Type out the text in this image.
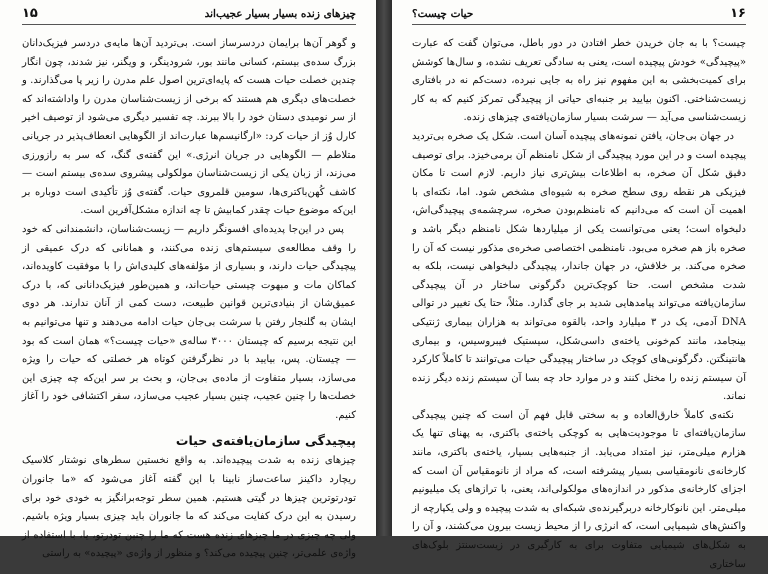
چیزهای زنده بسیار بسیار عجیب‌اند
۱۵

و گوهر آن‌ها برایمان دردسرساز است. بی‌تردید آن‌ها مایه‌ی دردسر فیزیک‌دانان بزرگ سده‌ی بیستم، کسانی مانند بور، شرودینگر، و ویگنر، نیز شدند، چون انگار چندین خصلت حیات هست که پایه‌ای‌ترین اصول علم مدرن را زیر پا می‌گذارند. و خصلت‌های دیگری هم هستند که برخی از زیست‌شناسان مدرن را واداشته‌اند که از سر نومیدی دستان خود را بالا ببرند. چه تفسیر دیگری می‌شود از توصیف اخیر کارل وُز از حیات کرد: «ارگانیسم‌ها عبارت‌اند از الگوهایی انعطاف‌پذیر در جریانی متلاطم — الگوهایی در جریان انرژی.» این گفته‌ی گنگ، که سر به رازورزی می‌زند، از زبان یکی از زیست‌شناسان مولکولی پیشروی سده‌ی بیستم است — کاشف کُهن‌باکتری‌ها، سومین قلمروی حیات. گفته‌ی وُز تأکیدی است دوباره بر این‌که موضوع حیات چقدر کمابیش تا چه اندازه مشکل‌آفرین است.

پس در این‌جا پدیده‌ای افسونگر داریم — زیست‌شناسان، دانشمندانی که خود را وقف مطالعه‌ی سیستم‌های زنده می‌کنند، و همانانی که درک عمیقی از پیچیدگی حیات دارند، و بسیاری از مؤلفه‌های کلیدی‌اش را با موفقیت کاویده‌اند، کماکان مات و مبهوت چیستی حیات‌اند، و همین‌طور فیزیک‌دانانی که، با درک عمیق‌شان از بنیادی‌ترین قوانین طبیعت، دست کمی از آنان ندارند. هر دوی ایشان به گلنجار رفتن با سرشت بی‌جان حیات ادامه می‌دهند و تنها می‌توانیم به این نتیجه برسیم که چیستان ۳۰۰۰ ساله‌ی «حیات چیست؟» همان است که بود — چیستان. پس، بیایید با در نظرگرفتن کوتاه هر خصلتی که حیات را ویژه می‌سازد، بسیار متفاوت از ماده‌ی بی‌جان، و بحث بر سر این‌که چه چیزی این خصلت‌ها را چنین عجیب، چنین بسیار عجیب می‌سازد، سفر اکتشافی خود را آغاز کنیم.

پیچیدگی سازمان‌یافته‌ی حیات

چیزهای زنده به شدت پیچیده‌اند. به واقع نخستین سطرهای نوشتار کلاسیک ریچارد داکینز ساعت‌ساز نابینا با این گفته آغاز می‌شود که «ما جانوران تودرتوترین چیزها در گیتی هستیم. همین سطر توجه‌برانگیز به خودی خود برای رسیدن به این درک کفایت می‌کند که ما جانوران باید چیزی بسیار ویژه باشیم. ولی چه چیزی در ما چیزهای زنده هست که ما را چنین تودرتو، یا، با استفاده از واژه‌ی علمی‌تر، چنین پیچیده می‌کند؟ و منظور از واژه‌ی «پیچیده» به راستی

۱۶
حیات چیست؟

چیست؟ با به جان خریدن خطر افتادن در دور باطل، می‌توان گفت که عبارت «پیچیدگی» خودش پیچیده است، یعنی به سادگی تعریف نشده، و سال‌ها کوشش برای کمیت‌بخشی به این مفهوم نیز راه به جایی نبرده، دست‌کم نه در بافتاری زیست‌شناختی. اکنون بیایید بر جنبه‌ای حیاتی از پیچیدگی تمرکز کنیم که به کار زیست‌شناسی می‌آید — سرشت بسیار سازمان‌یافته‌ی چیزهای زنده.

در جهان بی‌جان، یافتن نمونه‌های پیچیده آسان است. شکل یک صخره بی‌تردید پیچیده است و در این مورد پیچیدگی از شکل نامنظم آن برمی‌خیزد. برای توصیف دقیق شکل آن صخره، به اطلاعات بیش‌تری نیاز داریم. لازم است تا مکان فیزیکی هر نقطه روی سطح صخره به شیوه‌ای مشخص شود. اما، نکته‌ای با اهمیت آن است که می‌دانیم که نامنظم‌بودن صخره، سرچشمه‌ی پیچیدگی‌اش، دلبخواه است؛ یعنی می‌توانست یکی از میلیاردها شکل نامنظم دیگر باشد و صخره باز هم صخره می‌بود. نامنظمی اختصاصی صخره‌ی مذکور نیست که آن را صخره می‌کند. بر خلافش، در جهان جاندار، پیچیدگی دلبخواهی نیست، بلکه به شدت مشخص است. حتا کوچک‌ترین دگرگونی ساختار در آن پیچیدگی سازمان‌یافته می‌تواند پیامدهایی شدید بر جای گذارد. مثلاً، حتا یک تغییر در توالی DNA آدمی، یک در ۳ میلیارد واحد، بالقوه می‌تواند به هزاران بیماری ژنتیکی بینجامد، مانند کم‌خونی یاخته‌ی داسی‌شکل، سیستیک فیبروسیس، و بیماری هانتینگتن. دگرگونی‌های کوچک در ساختار پیچیدگی حیات می‌توانند تا کاملاً کارکرد آن سیستم زنده را مختل کنند و در موارد حاد چه بسا آن سیستم زنده دیگر زنده نماند.

نکته‌ی کاملاً خارق‌العاده و به سختی قابل فهم آن است که چنین پیچیدگی سازمان‌یافته‌ای تا موجودیت‌هایی به کوچکی یاخته‌ی باکتری، به پهنای تنها یک هزارم میلی‌متر، نیز امتداد می‌یابد. از جنبه‌هایی بسیار، یاخته‌ی باکتری، مانند کارخانه‌ی نانومقیاسی بسیار پیشرفته است، که مراد از نانومقیاس آن است که اجزای کارخانه‌ی مذکور در اندازه‌های مولکولی‌اند، یعنی، با ترازهای یک میلیونیم میلی‌متر. این نانوکارخانه دربرگیرنده‌ی شبکه‌ای به شدت پیچیده و ولی یکپارچه از واکنش‌های شیمیایی است، که انرژی را از محیط زیست بیرون می‌کشند، و آن را به شکل‌های شیمیایی متفاوت برای به کارگیری در زیست‌سنتز بلوک‌های ساختاری
